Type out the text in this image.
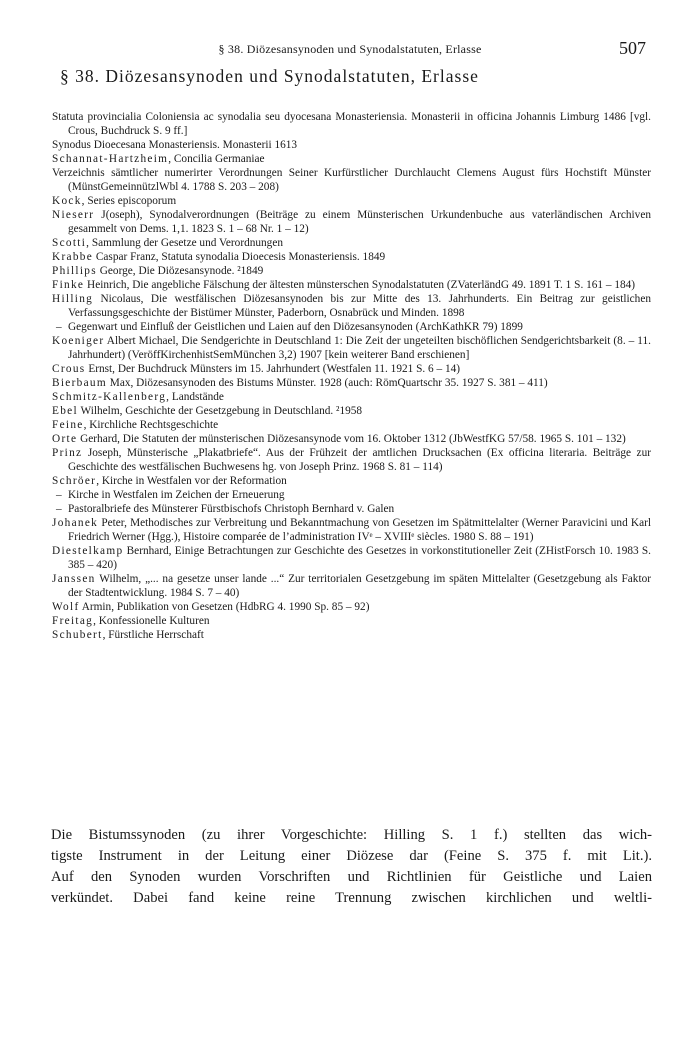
§ 38. Diözesansynoden und Synodalstatuten, Erlasse	507
§ 38. Diözesansynoden und Synodalstatuten, Erlasse

Statuta provincialia Coloniensia ac synodalia seu dyocesana Monasteriensia. Monasterii in officina Johannis Limburg 1486 [vgl. Crous, Buchdruck S. 9 ff.]

Synodus Dioecesana Monasteriensis. Monasterii 1613

Schannat-Hartzheim, Concilia Germaniae

Verzeichnis sämtlicher numerirter Verordnungen Seiner Kurfürstlicher Durchlaucht Clemens August fürs Hochstift Münster (MünstGemeinnützlWbl 4. 1788 S. 203 – 208)

Kock, Series episcoporum

Nieserr J(oseph), Synodalverordnungen (Beiträge zu einem Münsterischen Urkundenbuche aus vaterländischen Archiven gesammelt von Dems. 1,1. 1823 S. 1 – 68 Nr. 1 – 12)

Scotti, Sammlung der Gesetze und Verordnungen

Krabbe Caspar Franz, Statuta synodalia Dioecesis Monasteriensis. 1849

Phillips George, Die Diözesansynode. ²1849

Finke Heinrich, Die angebliche Fälschung der ältesten münsterschen Synodalstatuten (ZVaterländG 49. 1891 T. 1 S. 161 – 184)

Hilling Nicolaus, Die westfälischen Diözesansynoden bis zur Mitte des 13. Jahrhunderts. Ein Beitrag zur geistlichen Verfassungsgeschichte der Bistümer Münster, Paderborn, Osnabrück und Minden. 1898

– Gegenwart und Einfluß der Geistlichen und Laien auf den Diözesansynoden (ArchKathKR 79) 1899

Koeniger Albert Michael, Die Sendgerichte in Deutschland 1: Die Zeit der ungeteilten bischöflichen Sendgerichtsbarkeit (8. – 11. Jahrhundert) (VeröffKirchenhistSemMünchen 3,2) 1907 [kein weiterer Band erschienen]

Crous Ernst, Der Buchdruck Münsters im 15. Jahrhundert (Westfalen 11. 1921 S. 6 – 14)

Bierbaum Max, Diözesansynoden des Bistums Münster. 1928 (auch: RömQuartschr 35. 1927 S. 381 – 411)

Schmitz-Kallenberg, Landstände

Ebel Wilhelm, Geschichte der Gesetzgebung in Deutschland. ²1958

Feine, Kirchliche Rechtsgeschichte

Orte Gerhard, Die Statuten der münsterischen Diözesansynode vom 16. Oktober 1312 (JbWestfKG 57/58. 1965 S. 101 – 132)

Prinz Joseph, Münsterische „Plakatbriefe“. Aus der Frühzeit der amtlichen Drucksachen (Ex officina literaria. Beiträge zur Geschichte des westfälischen Buchwesens hg. von Joseph Prinz. 1968 S. 81 – 114)

Schröer, Kirche in Westfalen vor der Reformation

– Kirche in Westfalen im Zeichen der Erneuerung

– Pastoralbriefe des Münsterer Fürstbischofs Christoph Bernhard v. Galen

Johanek Peter, Methodisches zur Verbreitung und Bekanntmachung von Gesetzen im Spätmittelalter (Werner Paravicini und Karl Friedrich Werner (Hgg.), Histoire comparée de l’administration IVᵉ – XVIIIᵉ siècles. 1980 S. 88 – 191)

Diestelkamp Bernhard, Einige Betrachtungen zur Geschichte des Gesetzes in vorkonstitutioneller Zeit (ZHistForsch 10. 1983 S. 385 – 420)

Janssen Wilhelm, „... na gesetze unser lande ...“ Zur territorialen Gesetzgebung im späten Mittelalter (Gesetzgebung als Faktor der Stadtentwicklung. 1984 S. 7 – 40)

Wolf Armin, Publikation von Gesetzen (HdbRG 4. 1990 Sp. 85 – 92)

Freitag, Konfessionelle Kulturen

Schubert, Fürstliche Herrschaft

Die Bistumssynoden (zu ihrer Vorgeschichte: Hilling S. 1 f.) stellten das wich-
tigste Instrument in der Leitung einer Diözese dar (Feine S. 375 f. mit Lit.).
Auf den Synoden wurden Vorschriften und Richtlinien für Geistliche und Laien
verkündet. Dabei fand keine reine Trennung zwischen kirchlichen und weltli-
